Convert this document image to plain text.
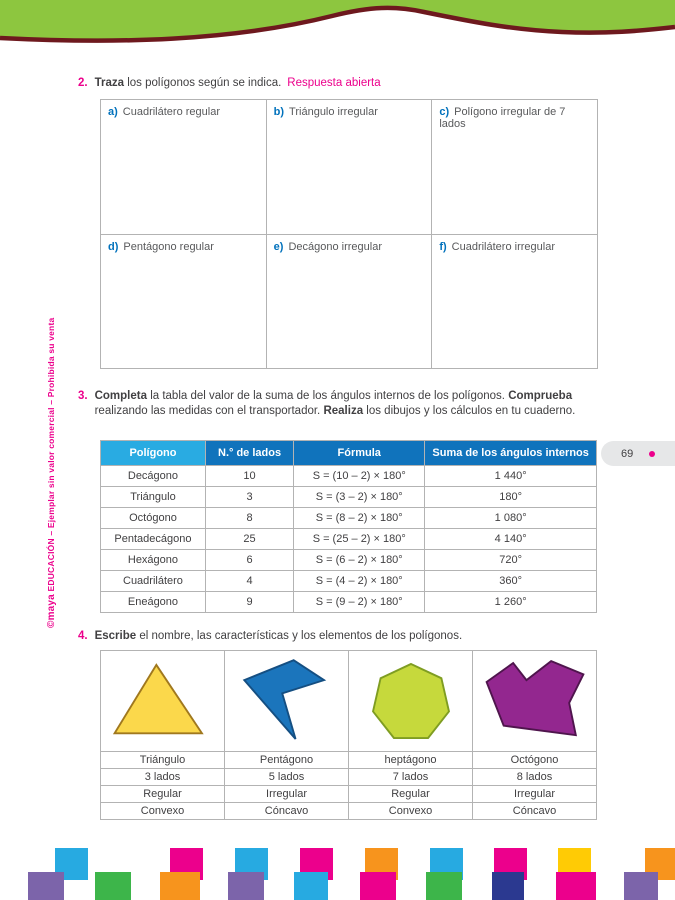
©maya EDUCACIÓN – Ejemplar sin valor comercial – Prohibida su venta	69
2. Traza los polígonos según se indica. Respuesta abierta
a) Cuadrilátero regular	b) Triángulo irregular	c) Polígono irregular de 7 lados
d) Pentágono regular	e) Decágono irregular	f) Cuadrilátero irregular
3. Completa la tabla del valor de la suma de los ángulos internos de los polígonos. Comprueba realizando las medidas con el transportador. Realiza los dibujos y los cálculos en tu cuaderno.
Polígono	N.° de lados	Fórmula	Suma de los ángulos internos
Decágono	10	S = (10 – 2) × 180°	1 440°
Triángulo	3	S = (3 – 2) × 180°	180°
Octógono	8	S = (8 – 2) × 180°	1 080°
Pentadecágono	25	S = (25 – 2) × 180°	4 140°
Hexágono	6	S = (6 – 2) × 180°	720°
Cuadrilátero	4	S = (4 – 2) × 180°	360°
Eneágono	9	S = (9 – 2) × 180°	1 260°
4. Escribe el nombre, las características y los elementos de los polígonos.

Triángulo	Pentágono	heptágono	Octógono
3 lados	5 lados	7 lados	8 lados
Regular	Irregular	Regular	Irregular
Convexo	Cóncavo	Convexo	Cóncavo
